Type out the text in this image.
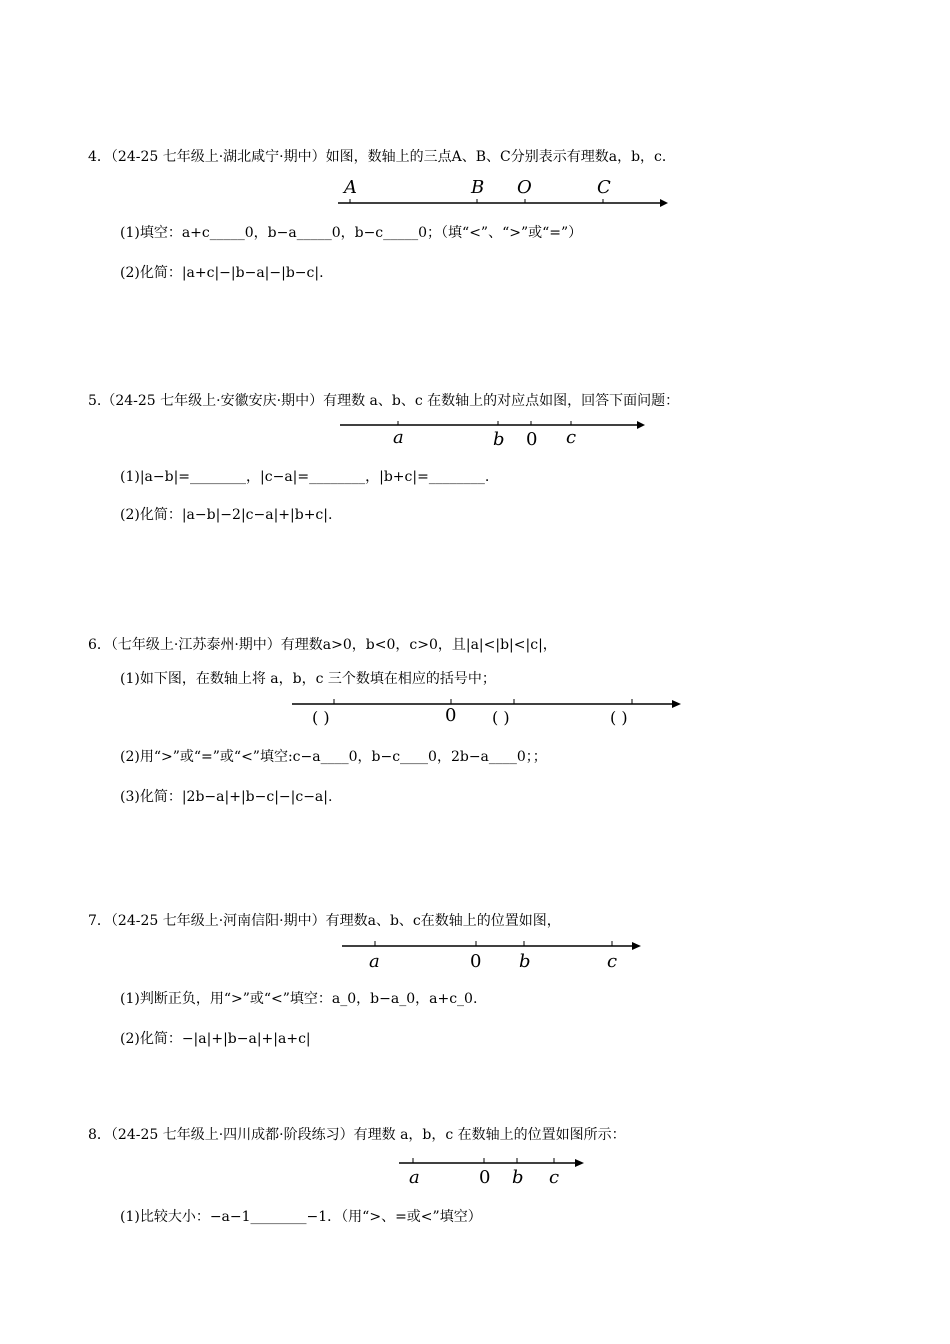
4．（24-25 七年级上·湖北咸宁·期中）如图，数轴上的三点A、B、C分别表示有理数a，b，c．
A	B O	C
(1)填空：a+c_____0，b−a_____0，b−c_____0；（填“<”、“>”或“=”）
(2)化简：|a+c|−|b−a|−|b−c|.
5.（24-25 七年级上·安徽安庆·期中）有理数 a、b、c 在数轴上的对应点如图，回答下面问题：
a	b 0 c
(1)|a−b|=________，|c−a|=________，|b+c|=________.
(2)化简：|a−b|−2|c−a|+|b+c|.
6．（七年级上·江苏泰州·期中）有理数a>0，b<0，c>0，且|a|<|b|<|c|，
(1)如下图，在数轴上将 a，b，c 三个数填在相应的括号中；
( )	0 ( )	( )
(2)用“>”或“=”或“<”填空:c−a____0，b−c____0，2b−a____0；；
(3)化简：|2b−a|+|b−c|−|c−a|.
7．（24-25 七年级上·河南信阳·期中）有理数a、b、c在数轴上的位置如图，
a	0 b	c
(1)判断正负，用“>”或“<”填空：a_0，b−a_0，a+c_0.
(2)化简：−|a|+|b−a|+|a+c|
8．（24-25 七年级上·四川成都·阶段练习）有理数 a，b，c 在数轴上的位置如图所示：
a	0 b c
(1)比较大小：−a−1________−1．（用“>、=或<”填空）
